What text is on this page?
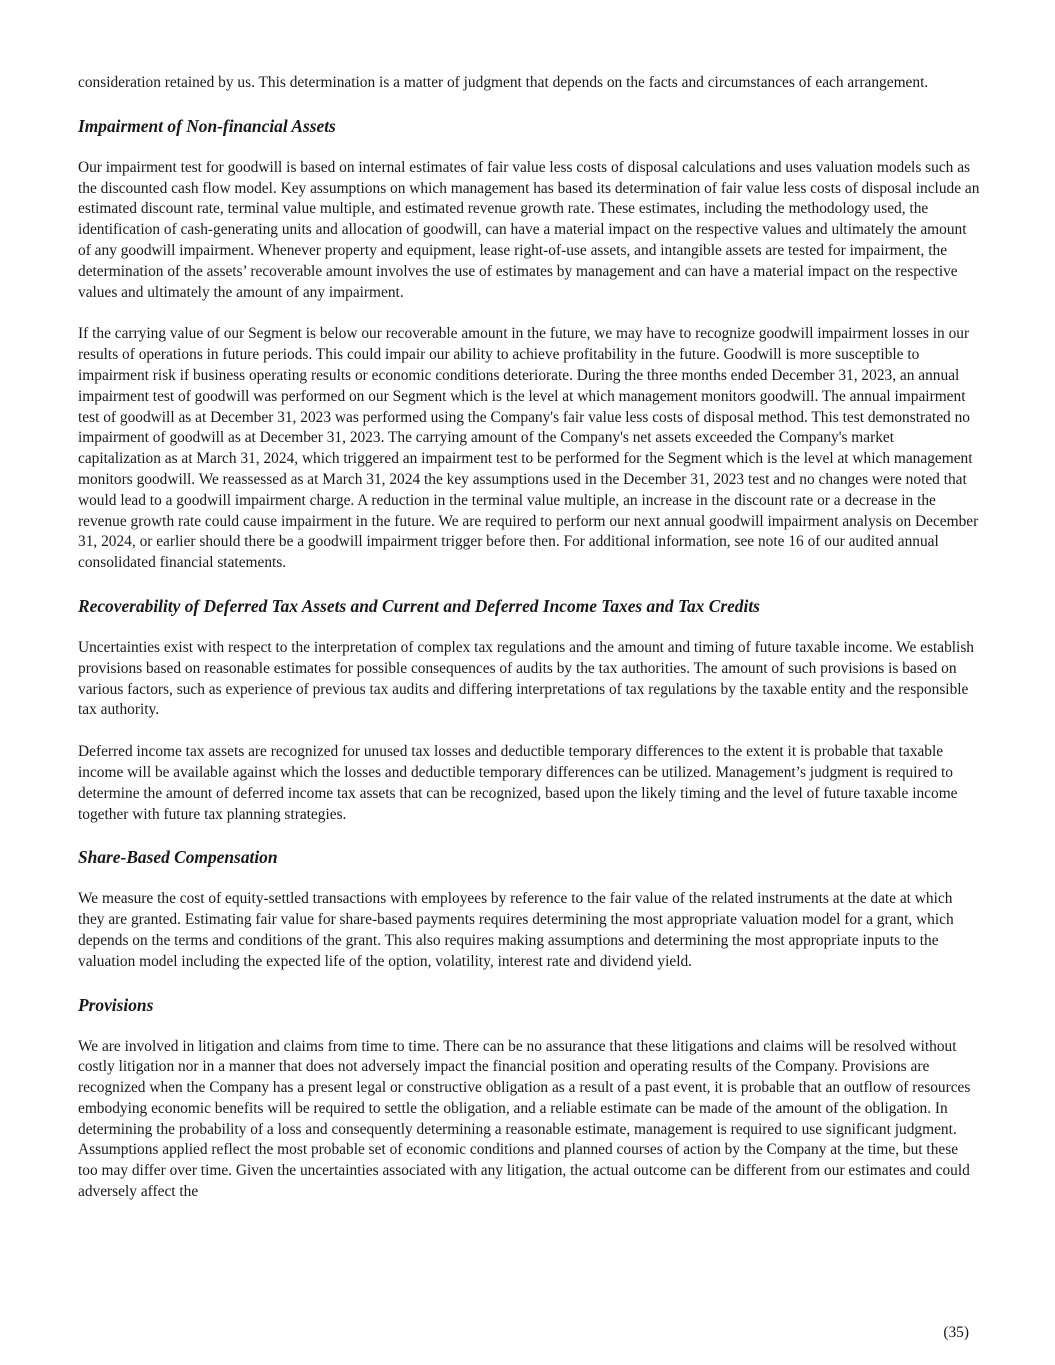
consideration retained by us. This determination is a matter of judgment that depends on the facts and circumstances of each arrangement.

Impairment of Non-financial Assets

Our impairment test for goodwill is based on internal estimates of fair value less costs of disposal calculations and uses valuation models such as the discounted cash flow model. Key assumptions on which management has based its determination of fair value less costs of disposal include an estimated discount rate, terminal value multiple, and estimated revenue growth rate. These estimates, including the methodology used, the identification of cash-generating units and allocation of goodwill, can have a material impact on the respective values and ultimately the amount of any goodwill impairment. Whenever property and equipment, lease right-of-use assets, and intangible assets are tested for impairment, the determination of the assets’ recoverable amount involves the use of estimates by management and can have a material impact on the respective values and ultimately the amount of any impairment.

If the carrying value of our Segment is below our recoverable amount in the future, we may have to recognize goodwill impairment losses in our results of operations in future periods. This could impair our ability to achieve profitability in the future. Goodwill is more susceptible to impairment risk if business operating results or economic conditions deteriorate. During the three months ended December 31, 2023, an annual impairment test of goodwill was performed on our Segment which is the level at which management monitors goodwill. The annual impairment test of goodwill as at December 31, 2023 was performed using the Company's fair value less costs of disposal method. This test demonstrated no impairment of goodwill as at December 31, 2023. The carrying amount of the Company's net assets exceeded the Company's market capitalization as at March 31, 2024, which triggered an impairment test to be performed for the Segment which is the level at which management monitors goodwill. We reassessed as at March 31, 2024 the key assumptions used in the December 31, 2023 test and no changes were noted that would lead to a goodwill impairment charge. A reduction in the terminal value multiple, an increase in the discount rate or a decrease in the revenue growth rate could cause impairment in the future. We are required to perform our next annual goodwill impairment analysis on December 31, 2024, or earlier should there be a goodwill impairment trigger before then. For additional information, see note 16 of our audited annual consolidated financial statements.

Recoverability of Deferred Tax Assets and Current and Deferred Income Taxes and Tax Credits

Uncertainties exist with respect to the interpretation of complex tax regulations and the amount and timing of future taxable income. We establish provisions based on reasonable estimates for possible consequences of audits by the tax authorities. The amount of such provisions is based on various factors, such as experience of previous tax audits and differing interpretations of tax regulations by the taxable entity and the responsible tax authority.

Deferred income tax assets are recognized for unused tax losses and deductible temporary differences to the extent it is probable that taxable income will be available against which the losses and deductible temporary differences can be utilized. Management’s judgment is required to determine the amount of deferred income tax assets that can be recognized, based upon the likely timing and the level of future taxable income together with future tax planning strategies.

Share-Based Compensation

We measure the cost of equity-settled transactions with employees by reference to the fair value of the related instruments at the date at which they are granted. Estimating fair value for share-based payments requires determining the most appropriate valuation model for a grant, which depends on the terms and conditions of the grant. This also requires making assumptions and determining the most appropriate inputs to the valuation model including the expected life of the option, volatility, interest rate and dividend yield.

Provisions

We are involved in litigation and claims from time to time. There can be no assurance that these litigations and claims will be resolved without costly litigation nor in a manner that does not adversely impact the financial position and operating results of the Company. Provisions are recognized when the Company has a present legal or constructive obligation as a result of a past event, it is probable that an outflow of resources embodying economic benefits will be required to settle the obligation, and a reliable estimate can be made of the amount of the obligation. In determining the probability of a loss and consequently determining a reasonable estimate, management is required to use significant judgment. Assumptions applied reflect the most probable set of economic conditions and planned courses of action by the Company at the time, but these too may differ over time. Given the uncertainties associated with any litigation, the actual outcome can be different from our estimates and could adversely affect the

(35)
